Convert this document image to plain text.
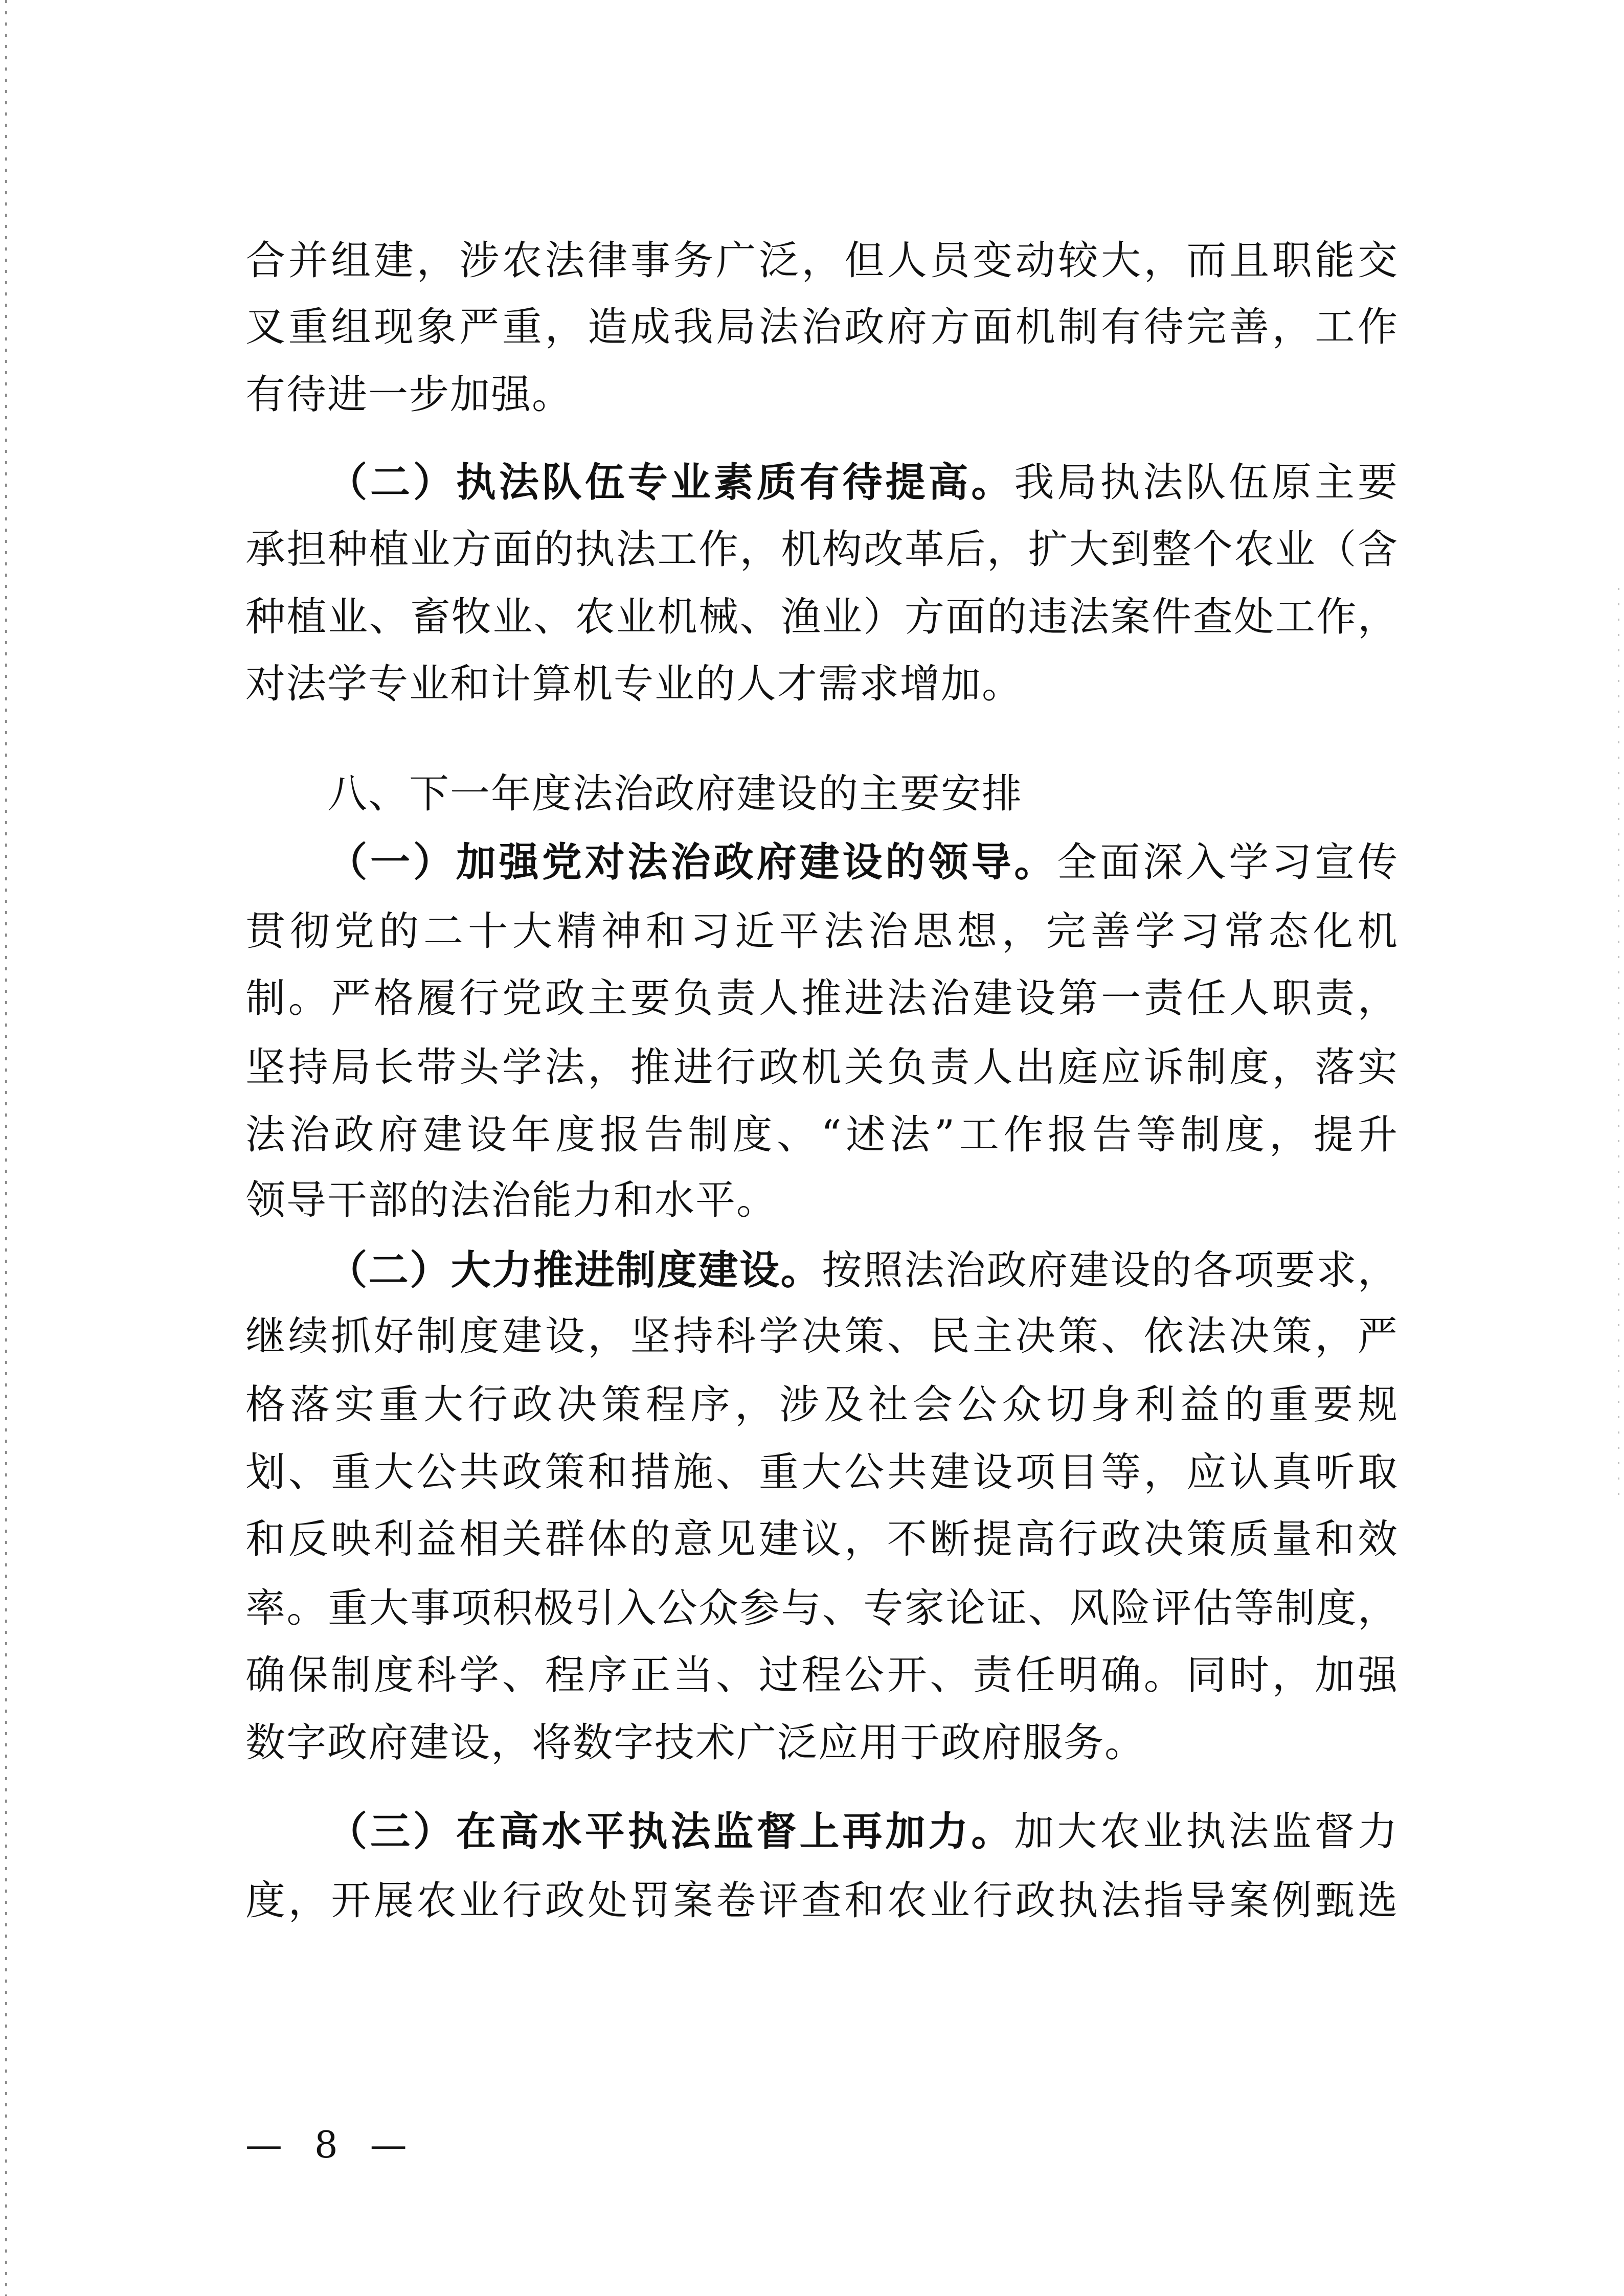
合并组建，涉农法律事务广泛，但人员变动较大，而且职能交
叉重组现象严重，造成我局法治政府方面机制有待完善，工作
有待进一步加强。
（二）执法队伍专业素质有待提高。我局执法队伍原主要
承担种植业方面的执法工作，机构改革后，扩大到整个农业（含
种植业、畜牧业、农业机械、渔业）方面的违法案件查处工作，
对法学专业和计算机专业的人才需求增加。
八、下一年度法治政府建设的主要安排
（一）加强党对法治政府建设的领导。全面深入学习宣传
贯彻党的二十大精神和习近平法治思想，完善学习常态化机
制。严格履行党政主要负责人推进法治建设第一责任人职责，
坚持局长带头学法，推进行政机关负责人出庭应诉制度，落实
法治政府建设年度报告制度、“述法”工作报告等制度，提升
领导干部的法治能力和水平。
（二）大力推进制度建设。按照法治政府建设的各项要求，
继续抓好制度建设，坚持科学决策、民主决策、依法决策，严
格落实重大行政决策程序，涉及社会公众切身利益的重要规
划、重大公共政策和措施、重大公共建设项目等，应认真听取
和反映利益相关群体的意见建议，不断提高行政决策质量和效
率。重大事项积极引入公众参与、专家论证、风险评估等制度，
确保制度科学、程序正当、过程公开、责任明确。同时，加强
数字政府建设，将数字技术广泛应用于政府服务。
（三）在高水平执法监督上再加力。加大农业执法监督力
度，开展农业行政处罚案卷评查和农业行政执法指导案例甄选
— 8 —
